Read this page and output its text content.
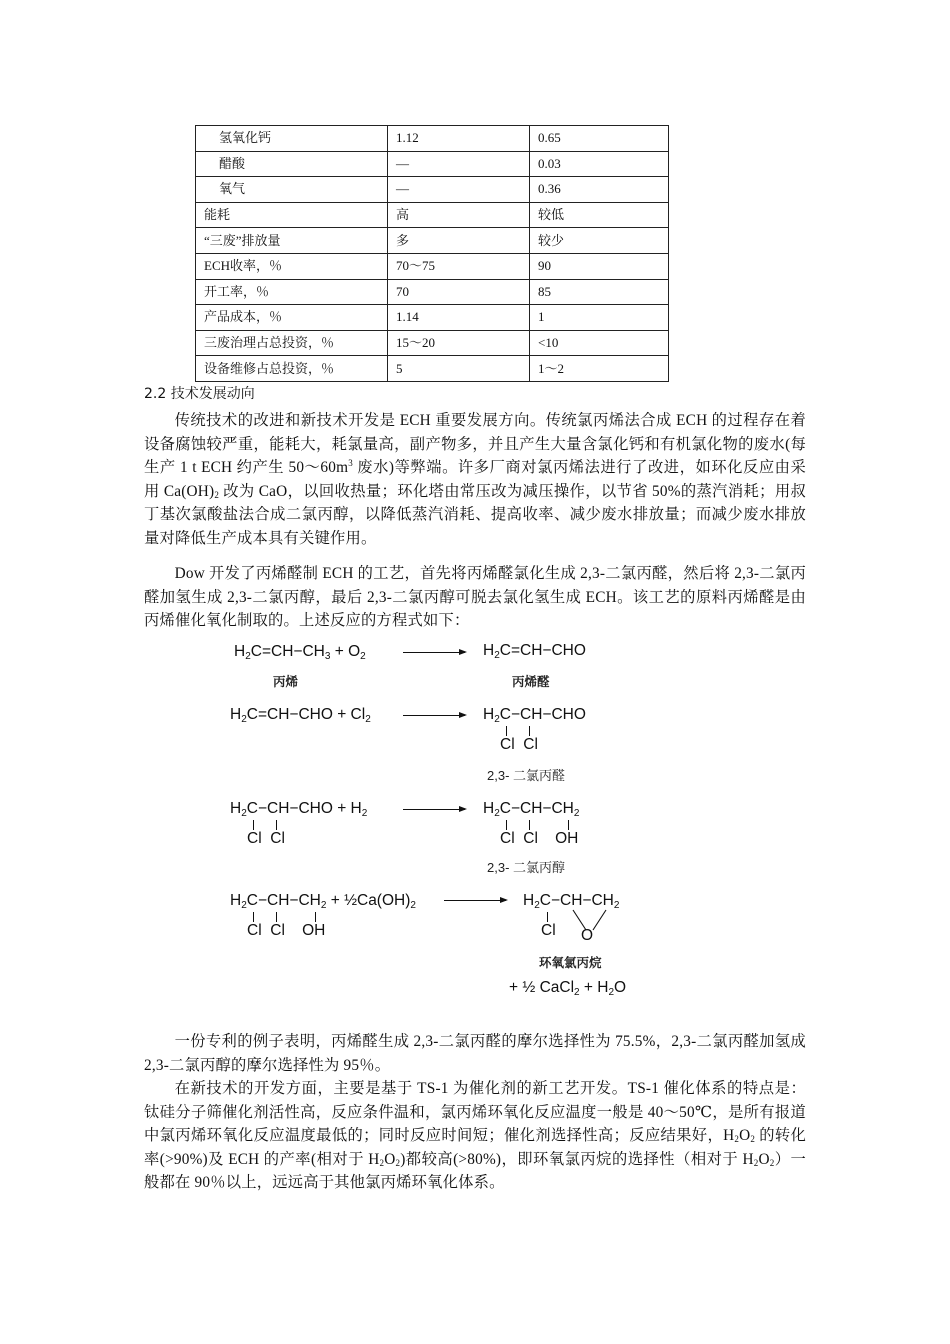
氢氧化钙	1.12	0.65
醋酸	—	0.03
氧气	—	0.36
能耗	高	较低
“三废”排放量	多	较少
ECH收率，％	70～75	90
开工率，％	70	85
产品成本，％	1.14	1
三废治理占总投资，％	15～20	<10
设备维修占总投资，％	5	1～2
2.2 技术发展动向
传统技术的改进和新技术开发是 ECH 重要发展方向。传统氯丙烯法合成 ECH 的过程存在着设备腐蚀较严重，能耗大，耗氯量高，副产物多，并且产生大量含氯化钙和有机氯化物的废水(每生产 1 t ECH 约产生 $50\sim 60m^3$ 废水)等弊端。许多厂商对氯丙烯法进行了改进，如环化反应由采用 $Ca(OH)_2$ 改为 CaO，以回收热量；环化塔由常压改为减压操作，以节省 50%的蒸汽消耗；用叔丁基次氯酸盐法合成二氯丙醇，以降低蒸汽消耗、提高收率、减少废水排放量；而减少废水排放量对降低生产成本具有关键作用。
Dow 开发了丙烯醛制 ECH 的工艺，首先将丙烯醛氯化生成 2,3-二氯丙醛，然后将 2,3-二氯丙醛加氢生成 2,3-二氯丙醇，最后 2,3-二氯丙醇可脱去氯化氢生成 ECH。该工艺的原料丙烯醛是由丙烯催化氧化制取的。上述反应的方程式如下：
$H_2C=CH-CH_3 + O_2$	$H_2C=CH-CHO$
丙烯	丙烯醛
$H_2C=CH-CHO + Cl_2$	$H_2C-CH-CHO$
Cl  Cl
2,3- 二氯丙醛
$H_2C-CH-CHO + H_2$
Cl  Cl
$H_2C-CH-CH_2$
Cl  Cl    OH
2,3- 二氯丙醇
$H_2C-CH-CH_2$ + $\frac{1}{2}Ca(OH)_2$
Cl  Cl    OH
$H_2C-CH-CH_2$
Cl O
环氧氯丙烷
+ ½ CaCl$_2$ + $H_2O$
一份专利的例子表明，丙烯醛生成 2,3-二氯丙醛的摩尔选择性为 75.5%，2,3-二氯丙醛加氢成 2,3-二氯丙醇的摩尔选择性为 95％。
在新技术的开发方面，主要是基于 TS-1 为催化剂的新工艺开发。TS-1 催化体系的特点是：钛硅分子筛催化剂活性高，反应条件温和，氯丙烯环氧化反应温度一般是 40～50℃，是所有报道中氯丙烯环氧化反应温度最低的；同时反应时间短；催化剂选择性高；反应结果好，$H_2O_2$ 的转化率(>90%)及 ECH 的产率(相对于 $H_2O_2$)都较高(>80%)，即环氧氯丙烷的选择性（相对于 $H_2O_2$）一般都在 90％以上，远远高于其他氯丙烯环氧化体系。
